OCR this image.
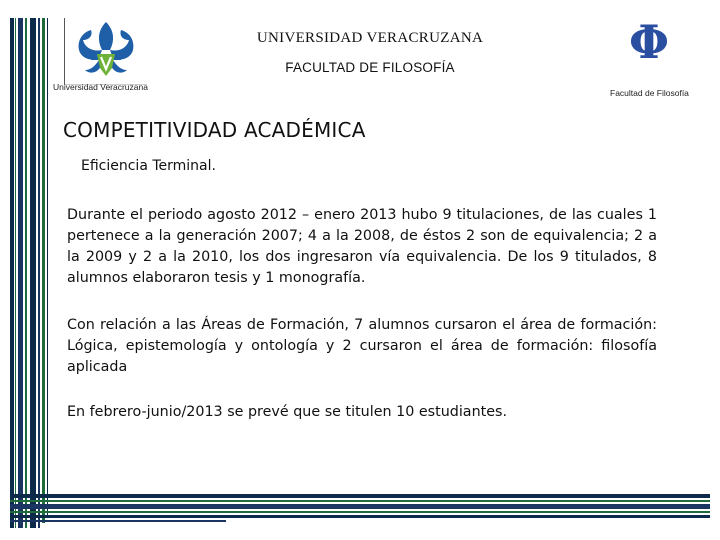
Universidad Veracruzana
UNIVERSIDAD VERACRUZANA
FACULTAD DE FILOSOFÍA	Φ
Facultad de Filosofía
COMPETITIVIDAD ACADÉMICA
Eficiencia Terminal.

Durante el periodo agosto 2012 – enero 2013 hubo 9 titulaciones, de las cuales 1 pertenece a la generación 2007; 4 a la 2008, de éstos 2 son de equivalencia; 2 a la 2009 y 2 a la 2010, los dos ingresaron vía equivalencia. De los 9 titulados, 8 alumnos elaboraron tesis y 1 monografía.

Con relación a las Áreas de Formación, 7 alumnos cursaron el área de formación: Lógica, epistemología y ontología y 2 cursaron el área de formación: filosofía aplicada

En febrero-junio/2013 se prevé que se titulen 10 estudiantes.
